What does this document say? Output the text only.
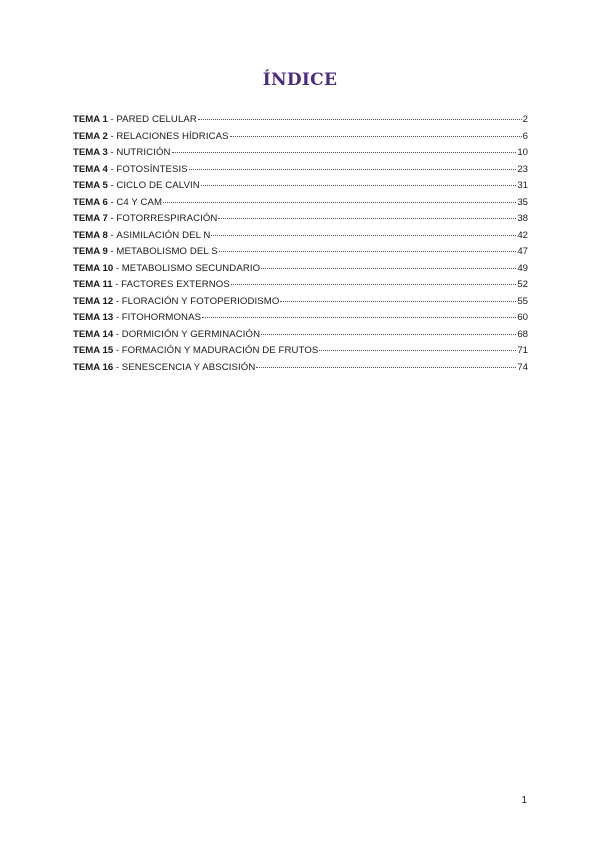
ÍNDICE
TEMA 1 - PARED CELULAR	2
TEMA 2 - RELACIONES HÍDRICAS	6
TEMA 3 - NUTRICIÓN	10
TEMA 4 - FOTOSÍNTESIS	23
TEMA 5 - CICLO DE CALVIN	31
TEMA 6 - C4 Y CAM	35
TEMA 7 - FOTORRESPIRACIÓN	38
TEMA 8 - ASIMILACIÓN DEL N	42
TEMA 9 - METABOLISMO DEL S	47
TEMA 10 - METABOLISMO SECUNDARIO	49
TEMA 11 - FACTORES EXTERNOS	52
TEMA 12 - FLORACIÓN Y FOTOPERIODISMO	55
TEMA 13 - FITOHORMONAS	60
TEMA 14 - DORMICIÓN Y GERMINACIÓN	68
TEMA 15 - FORMACIÓN Y MADURACIÓN DE FRUTOS	71
TEMA 16 - SENESCENCIA Y ABSCISIÓN	74
1
